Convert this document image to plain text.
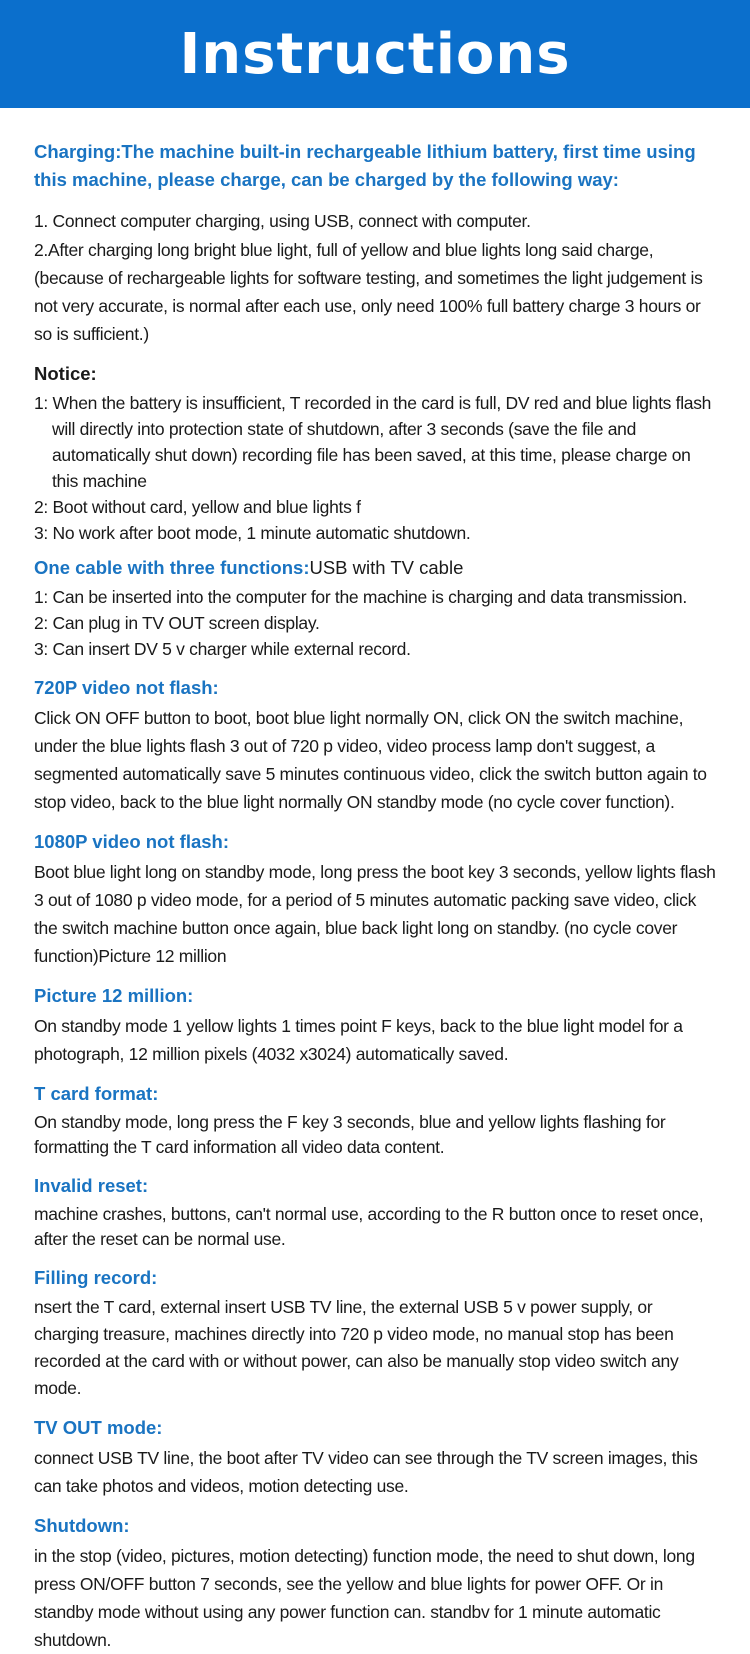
Instructions

Charging:The machine built-in rechargeable lithium battery, first time using this machine, please charge, can be charged by the following way:

1. Connect computer charging, using USB, connect with computer.
2.After charging long bright blue light, full of yellow and blue lights long said charge, (because of rechargeable lights for software testing, and sometimes the light judgement is not very accurate, is normal after each use, only need 100% full battery charge 3 hours or so is sufficient.)
Notice:
1: When the battery is insufficient, T recorded in the card is full, DV red and blue lights flash will directly into protection state of shutdown, after 3 seconds (save the file and automatically shut down) recording file has been saved, at this time, please charge on this machine
2: Boot without card, yellow and blue lights f
3: No work after boot mode, 1 minute automatic shutdown.
One cable with three functions:USB with TV cable
1: Can be inserted into the computer for the machine is charging and data transmission.
2: Can plug in TV OUT screen display.
3: Can insert DV 5 v charger while external record.
720P video not flash:

Click ON OFF button to boot, boot blue light normally ON, click ON the switch machine, under the blue lights flash 3 out of 720 p video, video process lamp don't suggest, a segmented automatically save 5 minutes continuous video, click the switch button again to stop video, back to the blue light normally ON standby mode (no cycle cover function).

1080P video not flash:

Boot blue light long on standby mode, long press the boot key 3 seconds, yellow lights flash 3 out of 1080 p video mode, for a period of 5 minutes automatic packing save video, click the switch machine button once again, blue back light long on standby. (no cycle cover function)Picture 12 million

Picture 12 million:

On standby mode 1 yellow lights 1 times point F keys, back to the blue light model for a photograph, 12 million pixels (4032 x3024) automatically saved.

T card format:

On standby mode, long press the F key 3 seconds, blue and yellow lights flashing for formatting the T card information all video data content.

Invalid reset:

machine crashes, buttons, can't normal use, according to the R button once to reset once, after the reset can be normal use.

Filling record:

nsert the T card, external insert USB TV line, the external USB 5 v power supply, or charging treasure, machines directly into 720 p video mode, no manual stop has been recorded at the card with or without power, can also be manually stop video switch any mode.

TV OUT mode:

connect USB TV line, the boot after TV video can see through the TV screen images, this can take photos and videos, motion detecting use.

Shutdown:

in the stop (video, pictures, motion detecting) function mode, the need to shut down, long press ON/OFF button 7 seconds, see the yellow and blue lights for power OFF. Or in standby mode without using any power function can. standbv for 1 minute automatic shutdown.
